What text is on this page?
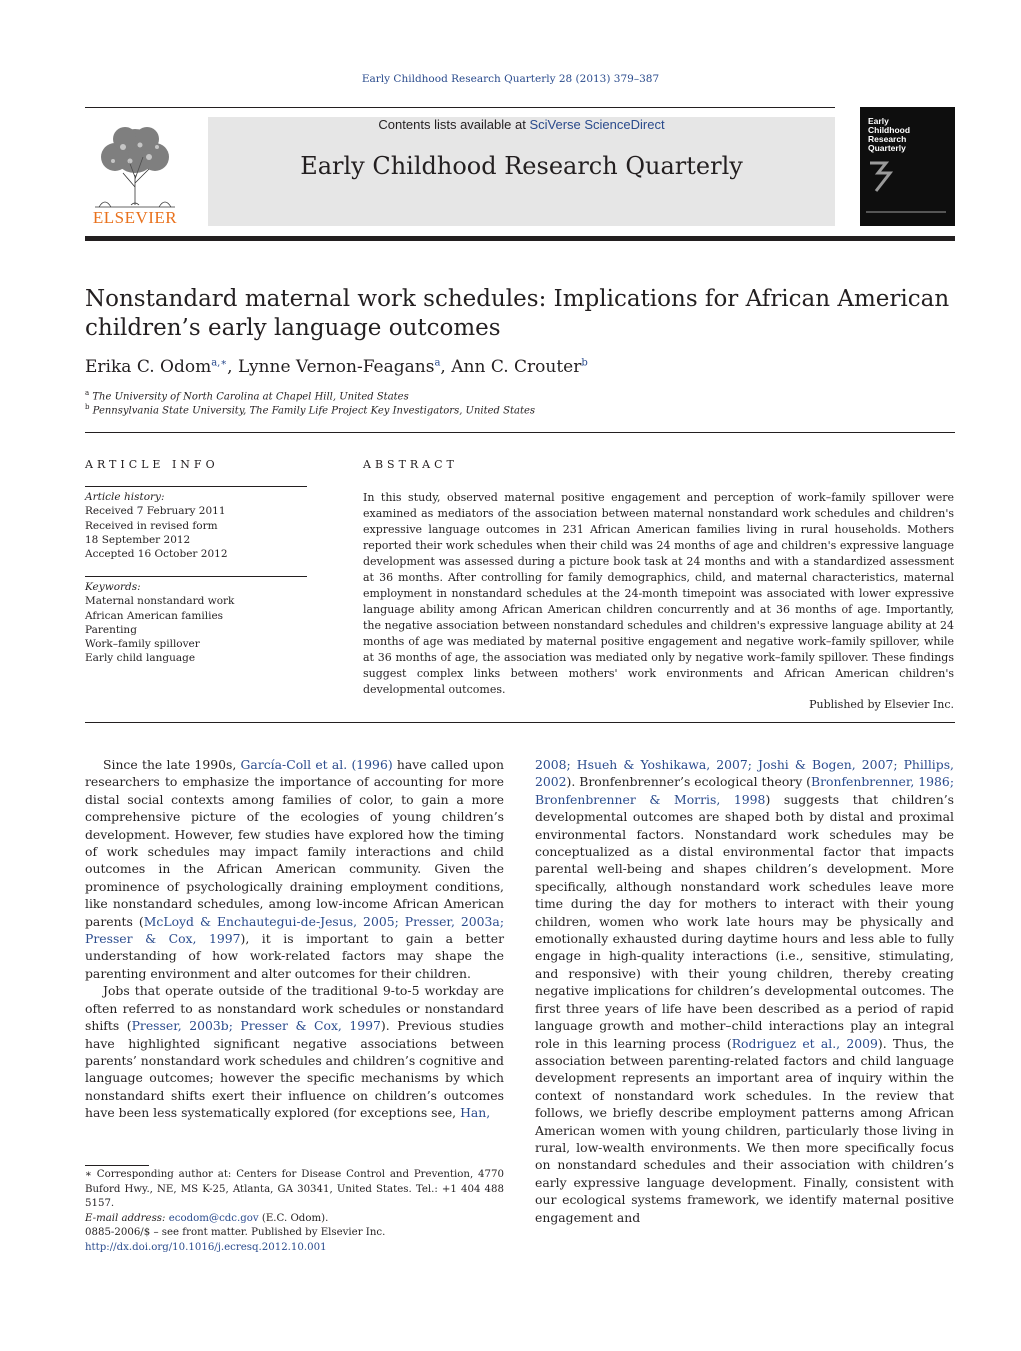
Early Childhood Research Quarterly 28 (2013) 379–387
ELSEVIER
Contents lists available at SciVerse ScienceDirect
Early Childhood Research Quarterly
Early
Childhood
Research
Quarterly
Nonstandard maternal work schedules: Implications for African American children’s early language outcomes
Erika C. Odom$^{a,∗}$, Lynne Vernon-Feagans$^a$, Ann C. Crouter$^b$
$^a$ The University of North Carolina at Chapel Hill, United States
$^b$ Pennsylvania State University, The Family Life Project Key Investigators, United States
ARTICLE INFO
Article history:
Received 7 February 2011
Received in revised form
18 September 2012
Accepted 16 October 2012
Keywords:
Maternal nonstandard work
African American families
Parenting
Work–family spillover
Early child language
ABSTRACT
In this study, observed maternal positive engagement and perception of work–family spillover were examined as mediators of the association between maternal nonstandard work schedules and children's expressive language outcomes in 231 African American families living in rural households. Mothers reported their work schedules when their child was 24 months of age and children's expressive language development was assessed during a picture book task at 24 months and with a standardized assessment at 36 months. After controlling for family demographics, child, and maternal characteristics, maternal employment in nonstandard schedules at the 24-month timepoint was associated with lower expressive language ability among African American children concurrently and at 36 months of age. Importantly, the negative association between nonstandard schedules and children's expressive language ability at 24 months of age was mediated by maternal positive engagement and negative work–family spillover, while at 36 months of age, the association was mediated only by negative work–family spillover. These findings suggest complex links between mothers' work environments and African American children's developmental outcomes.
Published by Elsevier Inc.

Since the late 1990s, García-Coll et al. (1996) have called upon researchers to emphasize the importance of accounting for more distal social contexts among families of color, to gain a more comprehensive picture of the ecologies of young children’s development. However, few studies have explored how the timing of work schedules may impact family interactions and child outcomes in the African American community. Given the prominence of psychologically draining employment conditions, like nonstandard schedules, among low-income African American parents (McLoyd & Enchautegui-de-Jesus, 2005; Presser, 2003a; Presser & Cox, 1997), it is important to gain a better understanding of how work-related factors may shape the parenting environment and alter outcomes for their children.

Jobs that operate outside of the traditional 9-to-5 workday are often referred to as nonstandard work schedules or nonstandard shifts (Presser, 2003b; Presser & Cox, 1997). Previous studies have highlighted significant negative associations between parents’ nonstandard work schedules and children’s cognitive and language outcomes; however the specific mechanisms by which nonstandard shifts exert their influence on children’s outcomes have been less systematically explored (for exceptions see, Han,

2008; Hsueh & Yoshikawa, 2007; Joshi & Bogen, 2007; Phillips, 2002). Bronfenbrenner’s ecological theory (Bronfenbrenner, 1986; Bronfenbrenner & Morris, 1998) suggests that children’s developmental outcomes are shaped both by distal and proximal environmental factors. Nonstandard work schedules may be conceptualized as a distal environmental factor that impacts parental well-being and shapes children’s development. More specifically, although nonstandard work schedules leave more time during the day for mothers to interact with their young children, women who work late hours may be physically and emotionally exhausted during daytime hours and less able to fully engage in high-quality interactions (i.e., sensitive, stimulating, and responsive) with their young children, thereby creating negative implications for children’s developmental outcomes. The first three years of life have been described as a period of rapid language growth and mother–child interactions play an integral role in this learning process (Rodriguez et al., 2009). Thus, the association between parenting-related factors and child language development represents an important area of inquiry within the context of nonstandard work schedules. In the review that follows, we briefly describe employment patterns among African American women with young children, particularly those living in rural, low-wealth environments. We then more specifically focus on nonstandard schedules and their association with children’s early expressive language development. Finally, consistent with our ecological systems framework, we identify maternal positive engagement and

∗ Corresponding author at: Centers for Disease Control and Prevention, 4770 Buford Hwy., NE, MS K-25, Atlanta, GA 30341, United States. Tel.: +1 404 488 5157.
E-mail address: ecodom@cdc.gov (E.C. Odom).
0885-2006/$ – see front matter. Published by Elsevier Inc.
http://dx.doi.org/10.1016/j.ecresq.2012.10.001
